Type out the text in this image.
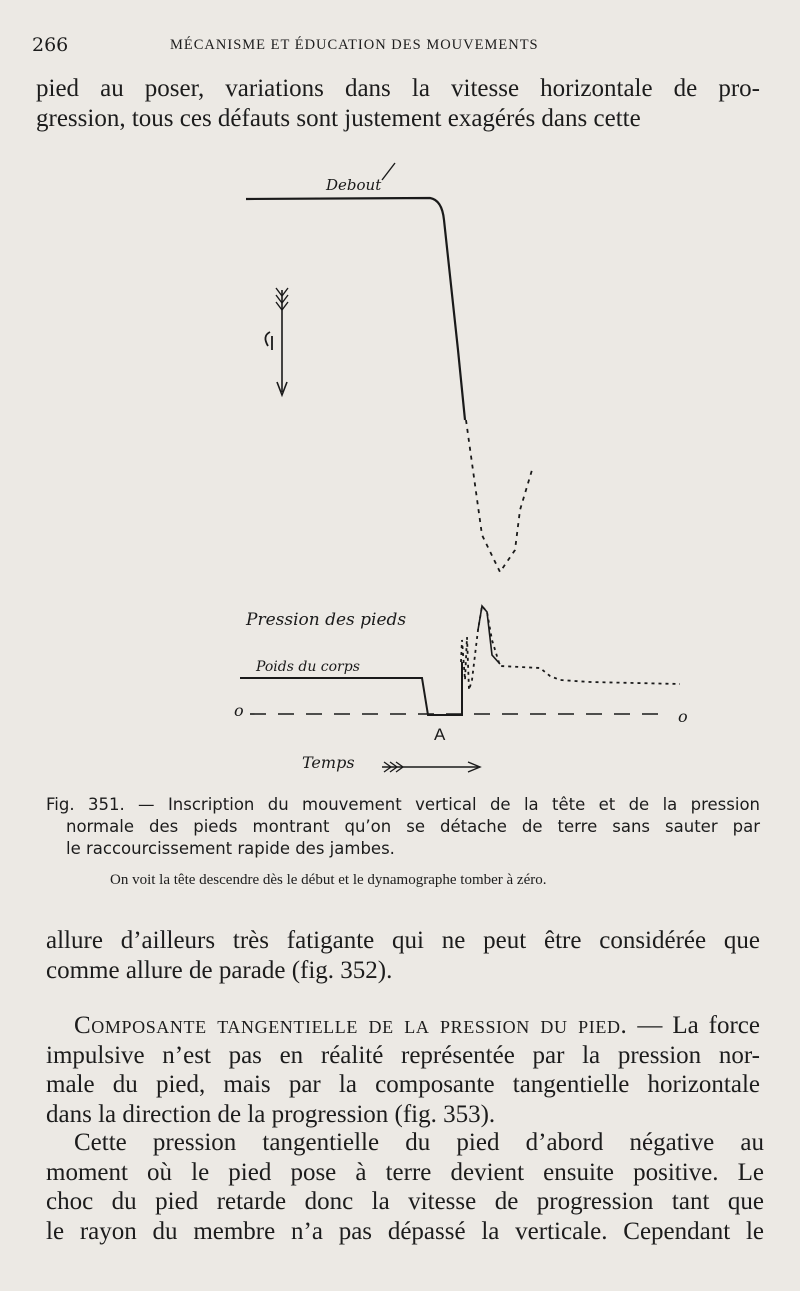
266	MÉCANISME ET ÉDUCATION DES MOUVEMENTS
pied au poser, variations dans la vitesse horizontale de pro-
gression, tous ces défauts sont justement exagérés dans cette
Debout
Pression des pieds
Poids du corps
o	o
A
Temps
Fig. 351. — Inscription du mouvement vertical de la tête et de la pression
normale des pieds montrant qu’on se détache de terre sans sauter par
le raccourcissement rapide des jambes.
On voit la tête descendre dès le début et le dynamographe tomber à zéro.
allure d’ailleurs très fatigante qui ne peut être considérée que
comme allure de parade (fig. 352).
Composante tangentielle de la pression du pied. — La force
impulsive n’est pas en réalité représentée par la pression nor-
male du pied, mais par la composante tangentielle horizontale
dans la direction de la progression (fig. 353).
Cette pression tangentielle du pied d’abord négative au
moment où le pied pose à terre devient ensuite positive. Le
choc du pied retarde donc la vitesse de progression tant que
le rayon du membre n’a pas dépassé la verticale. Cependant le
